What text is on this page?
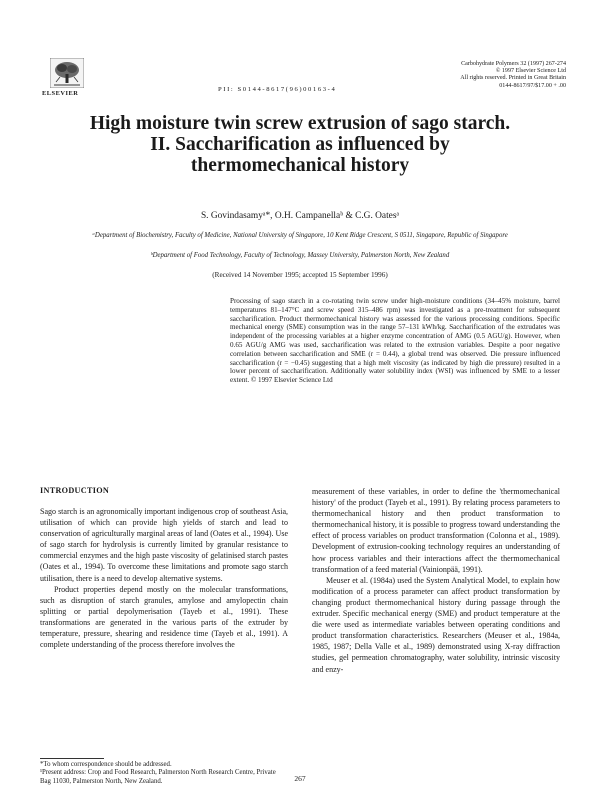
Carbohydrate Polymers 32 (1997) 267-274
© 1997 Elsevier Science Ltd
All rights reserved. Printed in Great Britain
0144-8617/97/$17.00 + .00
ELSEVIER
PII: S0144-8617(96)00163-4
High moisture twin screw extrusion of sago starch.
II. Saccharification as influenced by
thermomechanical history
S. Govindasamyᵃ*, O.H. Campanellaᵇ & C.G. Oatesᵃ
ᵃDepartment of Biochemistry, Faculty of Medicine, National University of Singapore, 10 Kent Ridge Crescent, S 0511, Singapore, Republic of Singapore
ᵇDepartment of Food Technology, Faculty of Technology, Massey University, Palmerston North, New Zealand
(Received 14 November 1995; accepted 15 September 1996)
Processing of sago starch in a co-rotating twin screw under high-moisture conditions (34–45% moisture, barrel temperatures 81–147°C and screw speed 315–486 rpm) was investigated as a pre-treatment for subsequent saccharification. Product thermomechanical history was assessed for the various processing conditions. Specific mechanical energy (SME) consumption was in the range 57–131 kWh/kg. Saccharification of the extrudates was independent of the processing variables at a higher enzyme concentration of AMG (0.5 AGU/g). However, when 0.65 AGU/g AMG was used, saccharification was related to the extrusion variables. Despite a poor negative correlation between saccharification and SME (r = 0.44), a global trend was observed. Die pressure influenced saccharification (r = −0.45) suggesting that a high melt viscosity (as indicated by high die pressure) resulted in a lower percent of saccharification. Additionally water solubility index (WSI) was influenced by SME to a lesser extent. © 1997 Elsevier Science Ltd
INTRODUCTION

Sago starch is an agronomically important indigenous crop of southeast Asia, utilisation of which can provide high yields of starch and lead to conservation of agriculturally marginal areas of land (Oates et al., 1994). Use of sago starch for hydrolysis is currently limited by granular resistance to commercial enzymes and the high paste viscosity of gelatinised starch pastes (Oates et al., 1994). To overcome these limitations and promote sago starch utilisation, there is a need to develop alternative systems.

Product properties depend mostly on the molecular transformations, such as disruption of starch granules, amylose and amylopectin chain splitting or partial depolymerisation (Tayeb et al., 1991). These transformations are generated in the various parts of the extruder by temperature, pressure, shearing and residence time (Tayeb et al., 1991). A complete understanding of the process therefore involves the

measurement of these variables, in order to define the 'thermomechanical history' of the product (Tayeb et al., 1991). By relating process parameters to thermomechanical history and then product transformation to thermomechanical history, it is possible to progress toward understanding the effect of process variables on product transformation (Colonna et al., 1989). Development of extrusion-cooking technology requires an understanding of how process variables and their interactions affect the thermomechanical transformation of a feed material (Vainionpää, 1991).

Meuser et al. (1984a) used the System Analytical Model, to explain how modification of a process parameter can affect product transformation by changing product thermomechanical history during passage through the extruder. Specific mechanical energy (SME) and product temperature at the die were used as intermediate variables between operating conditions and product transformation characteristics. Researchers (Meuser et al., 1984a, 1985, 1987; Della Valle et al., 1989) demonstrated using X-ray diffraction studies, gel permeation chromatography, water solubility, intrinsic viscosity and enzy-

*To whom correspondence should be addressed.
¹Present address: Crop and Food Research, Palmerston North Research Centre, Private Bag 11030, Palmerston North, New Zealand.	267
